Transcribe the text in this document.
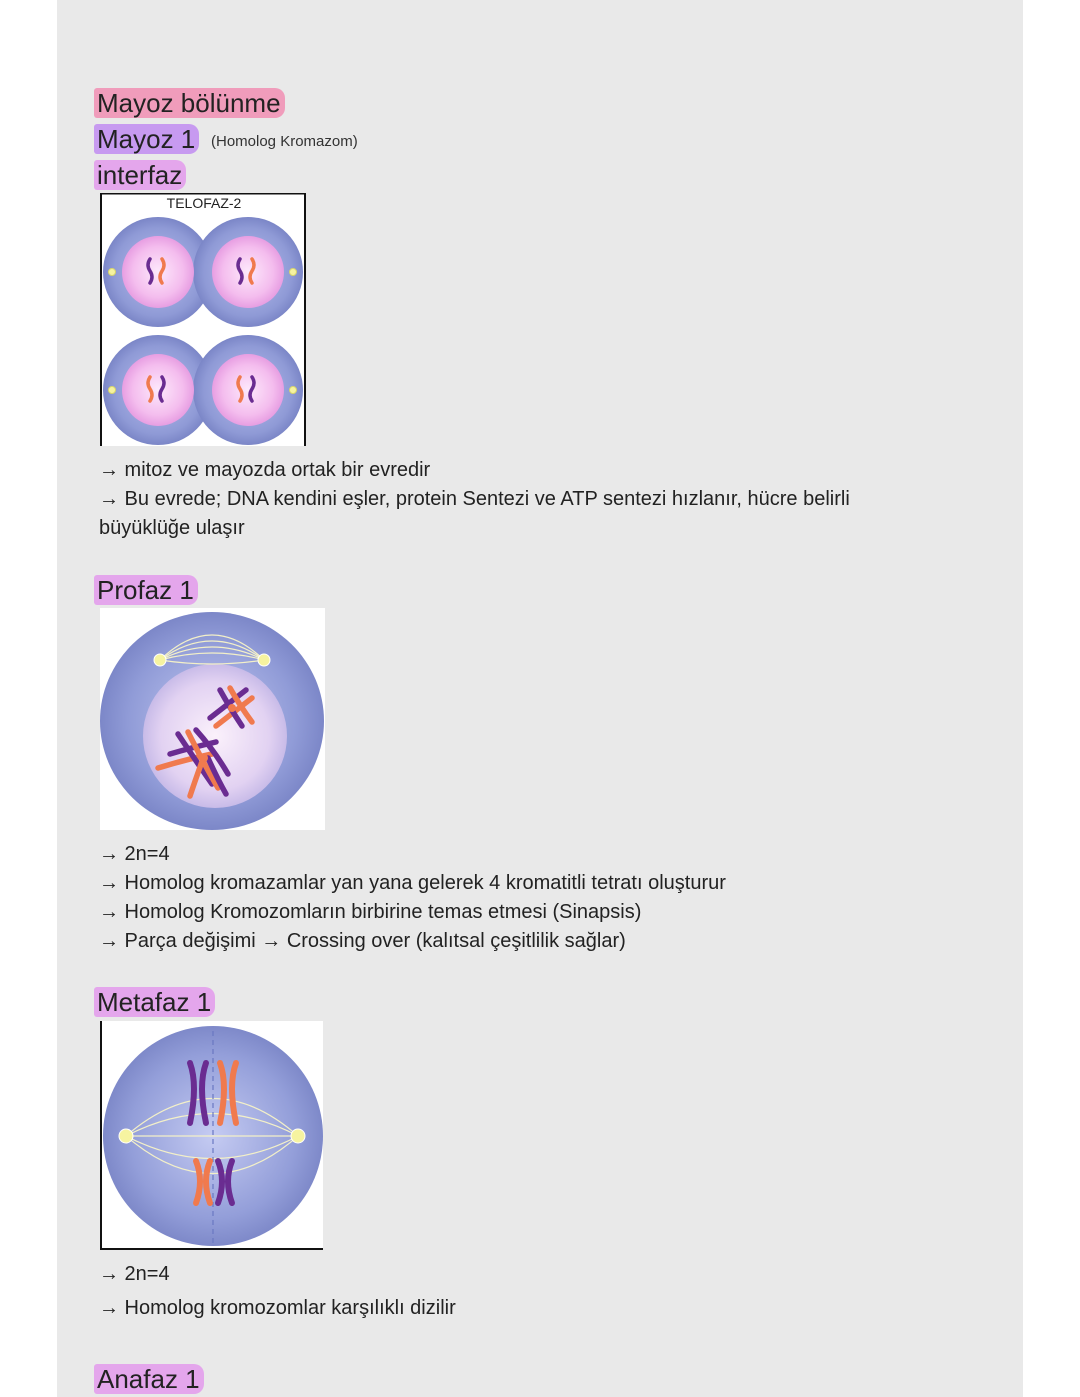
Mayoz bölünme
Mayoz 1 (Homolog Kromazom)
interfaz
TELOFAZ-2
→ mitoz ve mayozda ortak bir evredir
→ Bu evrede; DNA kendini eşler, protein Sentezi ve ATP sentezi hızlanır, hücre belirli
büyüklüğe ulaşır
Profaz 1
→ 2n=4
→ Homolog kromazamlar yan yana gelerek 4 kromatitli tetratı oluşturur
→ Homolog Kromozomların birbirine temas etmesi (Sinapsis)
→ Parça değişimi → Crossing over (kalıtsal çeşitlilik sağlar)
Metafaz 1
→ 2n=4
→ Homolog kromozomlar karşılıklı dizilir
Anafaz 1
